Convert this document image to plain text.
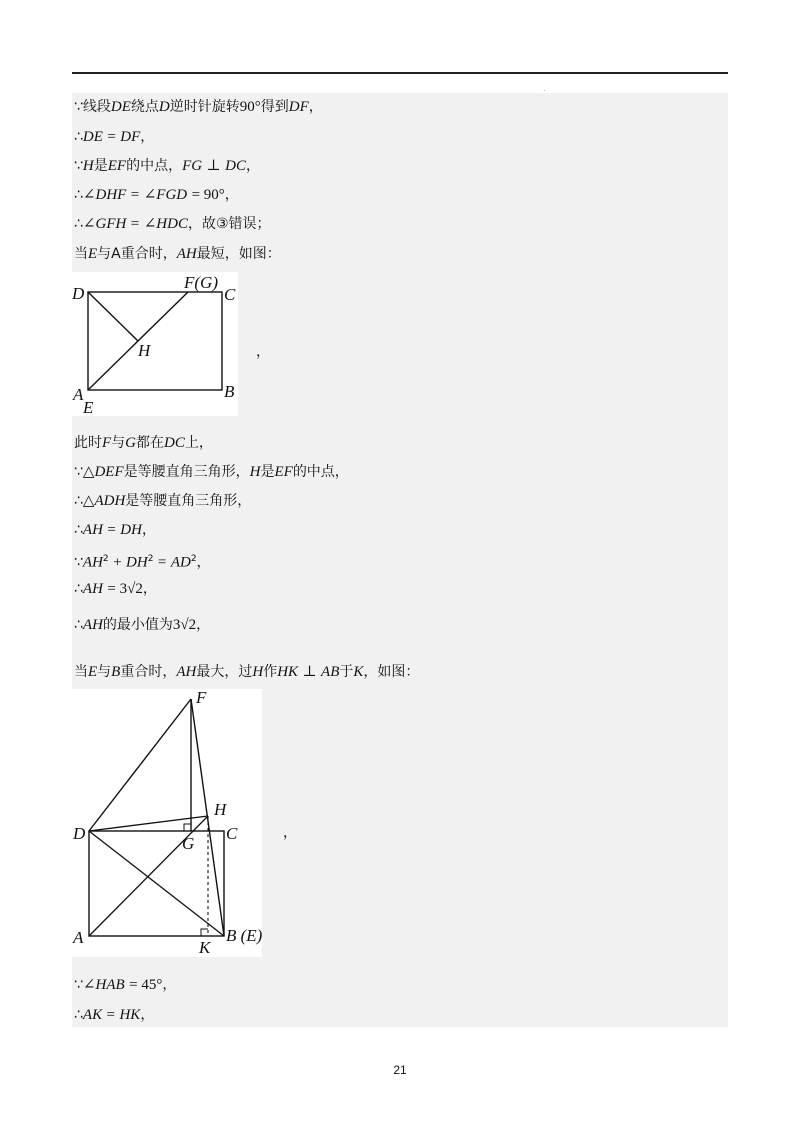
.
∵线段DE绕点D逆时针旋转90°得到DF，
∴DE = DF，
∵H是EF的中点，FG ⊥ DC，
∴∠DHF = ∠FGD = 90°，
∴∠GFH = ∠HDC，故③错误；
当E与A重合时，AH最短，如图：
D
F(G)
C
H
A
E
B
，
此时F与G都在DC上，
∵△DEF是等腰直角三角形，H是EF的中点，
∴△ADH是等腰直角三角形，
∴AH = DH，
$\because AH^2 + DH^2 = AD^2$，
∴AH = 3√2，
∴AH的最小值为3√2，
当E与B重合时，AH最大，过H作HK ⊥ AB于K，如图：
F
H
D
G
C
A	B (E)
K
，
∵∠HAB = 45°，
∴AK = HK，
21
